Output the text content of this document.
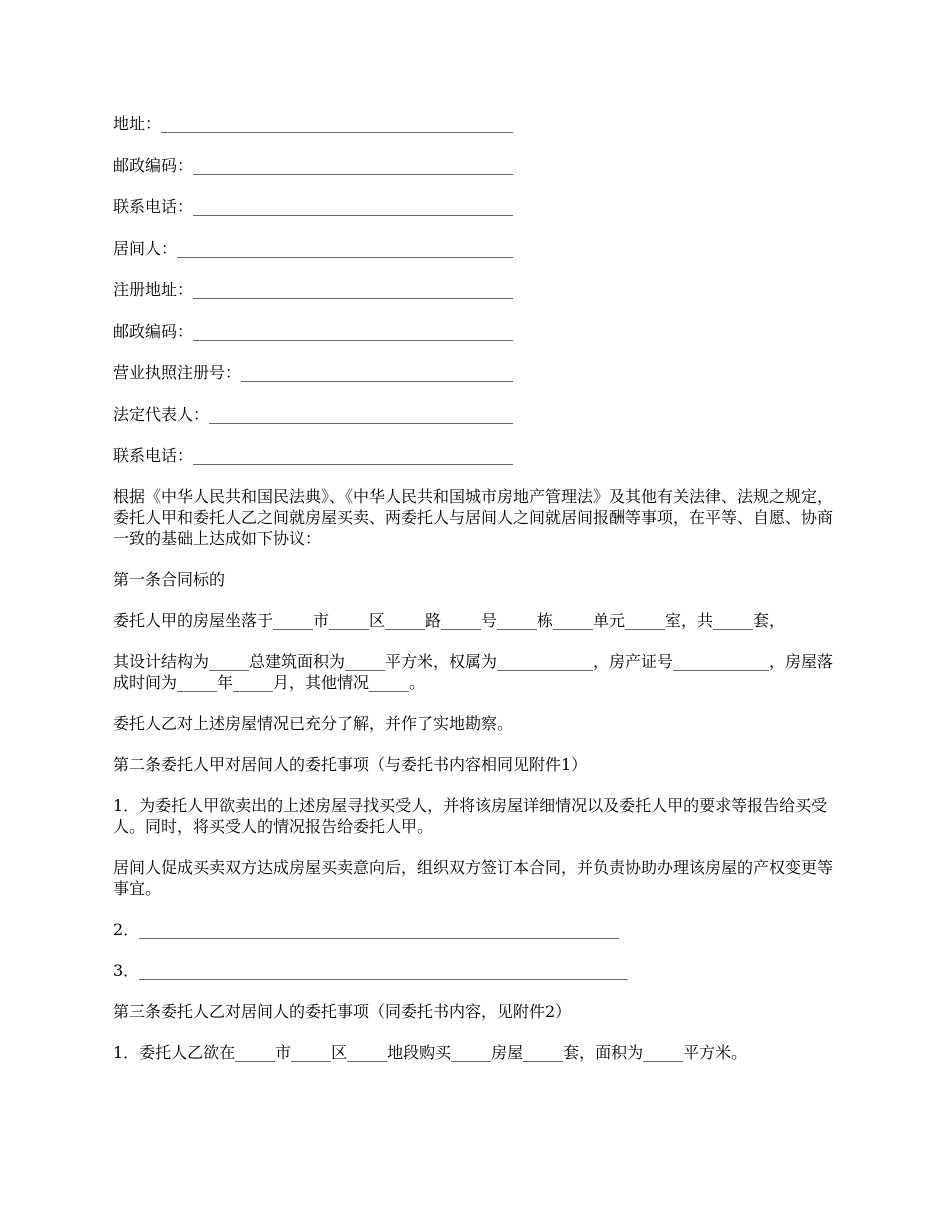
地址：____________________________________________
邮政编码：________________________________________
联系电话：________________________________________
居间人：__________________________________________
注册地址：________________________________________
邮政编码：________________________________________
营业执照注册号：__________________________________
法定代表人：______________________________________
联系电话：________________________________________

根据《中华人民共和国民法典》、《中华人民共和国城市房地产管理法》及其他有关法律、法规之规定，委托人甲和委托人乙之间就房屋买卖、两委托人与居间人之间就居间报酬等事项，在平等、自愿、协商一致的基础上达成如下协议：

第一条合同标的

委托人甲的房屋坐落于_____市_____区_____路_____号_____栋_____单元_____室，共_____套，

其设计结构为_____总建筑面积为_____平方米，权属为____________，房产证号____________，房屋落成时间为_____年_____月，其他情况_____。

委托人乙对上述房屋情况已充分了解，并作了实地勘察。

第二条委托人甲对居间人的委托事项（与委托书内容相同见附件1）

1．为委托人甲欲卖出的上述房屋寻找买受人，并将该房屋详细情况以及委托人甲的要求等报告给买受人。同时，将买受人的情况报告给委托人甲。

居间人促成买卖双方达成房屋买卖意向后，组织双方签订本合同，并负责协助办理该房屋的产权变更等事宜。

2．____________________________________________________________

3．_____________________________________________________________

第三条委托人乙对居间人的委托事项（同委托书内容，见附件2）

1．委托人乙欲在_____市_____区_____地段购买_____房屋_____套，面积为_____平方米。
